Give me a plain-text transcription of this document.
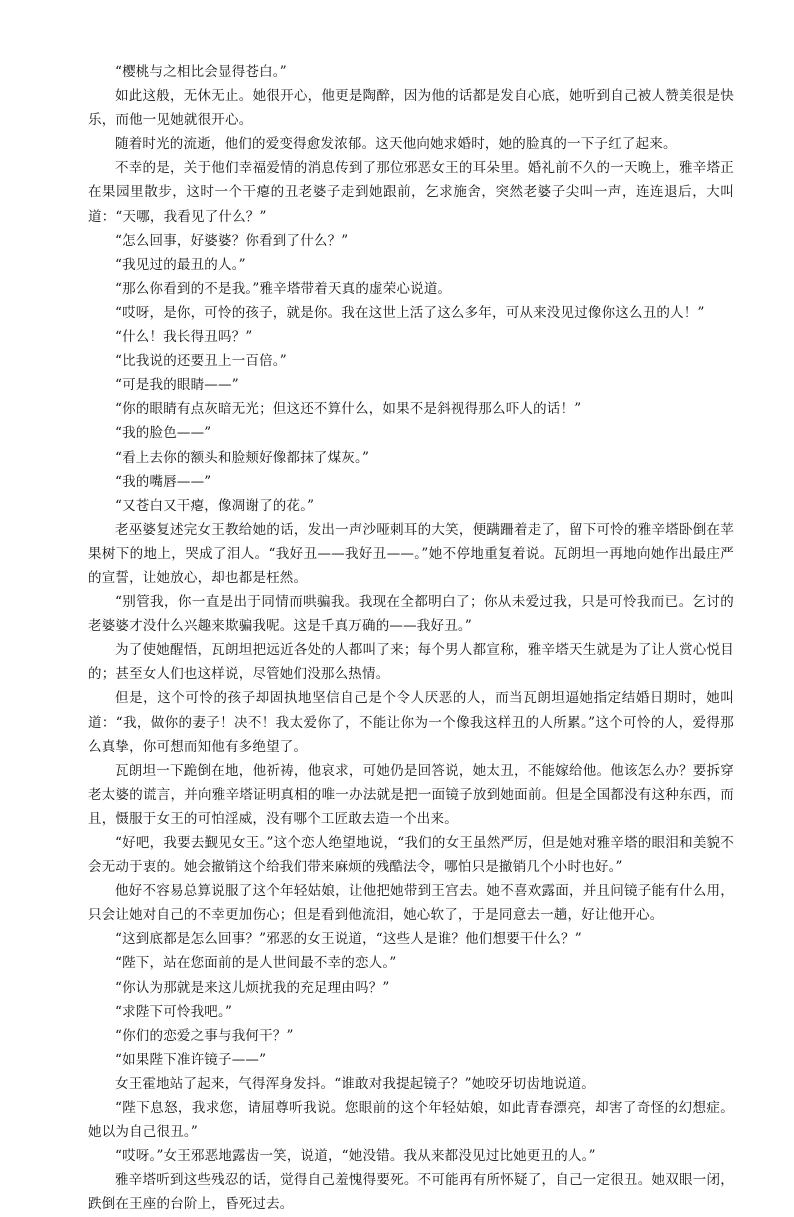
“樱桃与之相比会显得苍白。”

如此这般，无休无止。她很开心，他更是陶醉，因为他的话都是发自心底，她听到自己被人赞美很是快乐，而他一见她就很开心。

随着时光的流逝，他们的爱变得愈发浓郁。这天他向她求婚时，她的脸真的一下子红了起来。

不幸的是，关于他们幸福爱情的消息传到了那位邪恶女王的耳朵里。婚礼前不久的一天晚上，雅辛塔正在果园里散步，这时一个干瘪的丑老婆子走到她跟前，乞求施舍，突然老婆子尖叫一声，连连退后，大叫道：“天哪，我看见了什么？”

“怎么回事，好婆婆？你看到了什么？”

“我见过的最丑的人。”

“那么你看到的不是我。”雅辛塔带着天真的虚荣心说道。

“哎呀，是你，可怜的孩子，就是你。我在这世上活了这么多年，可从来没见过像你这么丑的人！”

“什么！我长得丑吗？”

“比我说的还要丑上一百倍。”

“可是我的眼睛——”

“你的眼睛有点灰暗无光；但这还不算什么，如果不是斜视得那么吓人的话！”

“我的脸色——”

“看上去你的额头和脸颊好像都抹了煤灰。”

“我的嘴唇——”

“又苍白又干瘪，像凋谢了的花。”

老巫婆复述完女王教给她的话，发出一声沙哑刺耳的大笑，便蹒跚着走了，留下可怜的雅辛塔卧倒在苹果树下的地上，哭成了泪人。“我好丑——我好丑——。”她不停地重复着说。瓦朗坦一再地向她作出最庄严的宣誓，让她放心，却也都是枉然。

“别管我，你一直是出于同情而哄骗我。我现在全都明白了；你从未爱过我，只是可怜我而已。乞讨的老婆婆才没什么兴趣来欺骗我呢。这是千真万确的——我好丑。”

为了使她醒悟，瓦朗坦把远近各处的人都叫了来；每个男人都宣称，雅辛塔天生就是为了让人赏心悦目的；甚至女人们也这样说，尽管她们没那么热情。

但是，这个可怜的孩子却固执地坚信自己是个令人厌恶的人，而当瓦朗坦逼她指定结婚日期时，她叫道：“我，做你的妻子！决不！我太爱你了，不能让你为一个像我这样丑的人所累。”这个可怜的人，爱得那么真挚，你可想而知他有多绝望了。

瓦朗坦一下跪倒在地，他祈祷，他哀求，可她仍是回答说，她太丑，不能嫁给他。他该怎么办？要拆穿老太婆的谎言，并向雅辛塔证明真相的唯一办法就是把一面镜子放到她面前。但是全国都没有这种东西，而且，慑服于女王的可怕淫威，没有哪个工匠敢去造一个出来。

“好吧，我要去觐见女王。”这个恋人绝望地说，“我们的女王虽然严厉，但是她对雅辛塔的眼泪和美貌不会无动于衷的。她会撤销这个给我们带来麻烦的残酷法令，哪怕只是撤销几个小时也好。”

他好不容易总算说服了这个年轻姑娘，让他把她带到王宫去。她不喜欢露面，并且问镜子能有什么用，只会让她对自己的不幸更加伤心；但是看到他流泪，她心软了，于是同意去一趟，好让他开心。

“这到底都是怎么回事？”邪恶的女王说道，“这些人是谁？他们想要干什么？”

“陛下，站在您面前的是人世间最不幸的恋人。”

“你认为那就是来这儿烦扰我的充足理由吗？”

“求陛下可怜我吧。”

“你们的恋爱之事与我何干？”

“如果陛下准许镜子——”

女王霍地站了起来，气得浑身发抖。“谁敢对我提起镜子？”她咬牙切齿地说道。

“陛下息怒，我求您，请屈尊听我说。您眼前的这个年轻姑娘，如此青春漂亮，却害了奇怪的幻想症。她以为自己很丑。”

“哎呀。”女王邪恶地露齿一笑，说道，“她没错。我从来都没见过比她更丑的人。”

雅辛塔听到这些残忍的话，觉得自己羞愧得要死。不可能再有所怀疑了，自己一定很丑。她双眼一闭，跌倒在王座的台阶上，昏死过去。
